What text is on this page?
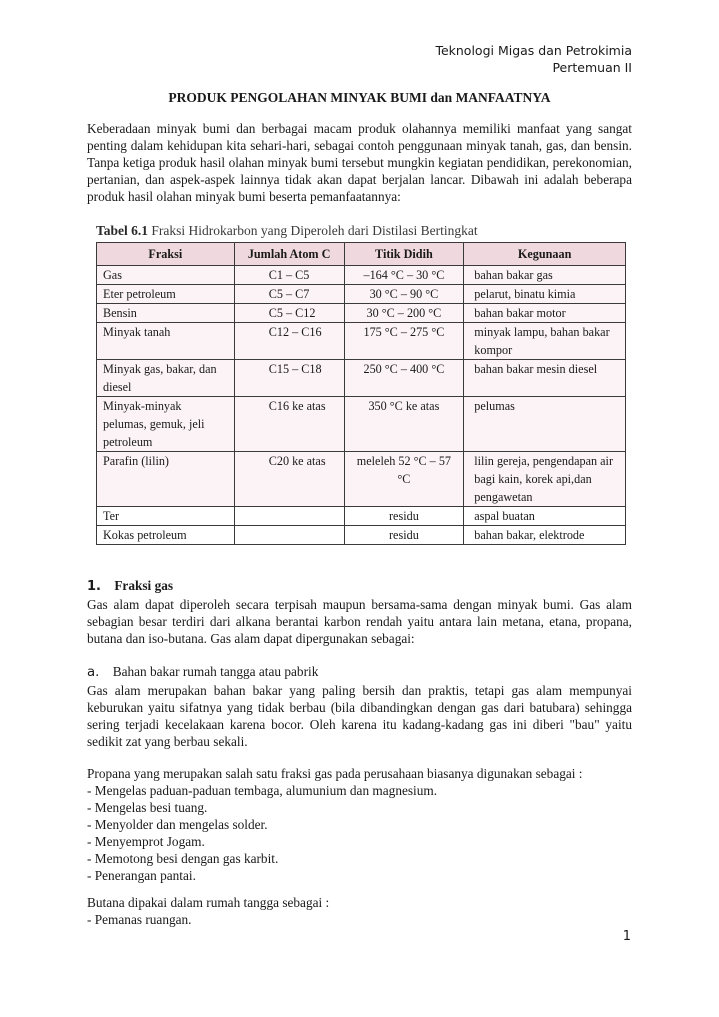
Teknologi Migas dan Petrokimia
Pertemuan II
PRODUK PENGOLAHAN MINYAK BUMI dan MANFAATNYA

Keberadaan minyak bumi dan berbagai macam produk olahannya memiliki manfaat yang sangat penting dalam kehidupan kita sehari-hari, sebagai contoh penggunaan minyak tanah, gas, dan bensin. Tanpa ketiga produk hasil olahan minyak bumi tersebut mungkin kegiatan pendidikan, perekonomian, pertanian, dan aspek-aspek lainnya tidak akan dapat berjalan lancar. Dibawah ini adalah beberapa produk hasil olahan minyak bumi beserta pemanfaatannya:

Tabel 6.1 Fraksi Hidrokarbon yang Diperoleh dari Distilasi Bertingkat
Fraksi	Jumlah Atom C	Titik Didih	Kegunaan
Gas	C1 – C5	–164 °C – 30 °C	bahan bakar gas
Eter petroleum	C5 – C7	30 °C – 90 °C	pelarut, binatu kimia
Bensin	C5 – C12	30 °C – 200 °C	bahan bakar motor
Minyak tanah	C12 – C16	175 °C – 275 °C	minyak lampu, bahan bakar kompor
Minyak gas, bakar, dan diesel	C15 – C18	250 °C – 400 °C	bahan bakar mesin diesel
Minyak-minyak pelumas, gemuk, jeli petroleum	C16 ke atas	350 °C ke atas	pelumas
Parafin (lilin)	C20 ke atas	meleleh 52 °C – 57 °C	lilin gereja, pengendapan air bagi kain, korek api,dan pengawetan
Ter		residu	aspal buatan
Kokas petroleum		residu	bahan bakar, elektrode
1. Fraksi gas

Gas alam dapat diperoleh secara terpisah maupun bersama-sama dengan minyak bumi. Gas alam sebagian besar terdiri dari alkana berantai karbon rendah yaitu antara lain metana, etana, propana, butana dan iso-butana. Gas alam dapat dipergunakan sebagai:

a. Bahan bakar rumah tangga atau pabrik

Gas alam merupakan bahan bakar yang paling bersih dan praktis, tetapi gas alam mempunyai keburukan yaitu sifatnya yang tidak berbau (bila dibandingkan dengan gas dari batubara) sehingga sering terjadi kecelakaan karena bocor. Oleh karena itu kadang-kadang gas ini diberi "bau" yaitu sedikit zat yang berbau sekali.

Propana yang merupakan salah satu fraksi gas pada perusahaan biasanya digunakan sebagai :
- Mengelas paduan-paduan tembaga, alumunium dan magnesium.
- Mengelas besi tuang.
- Menyolder dan mengelas solder.
- Menyemprot Jogam.
- Memotong besi dengan gas karbit.
- Penerangan pantai.
Butana dipakai dalam rumah tangga sebagai :
- Pemanas ruangan.
1
